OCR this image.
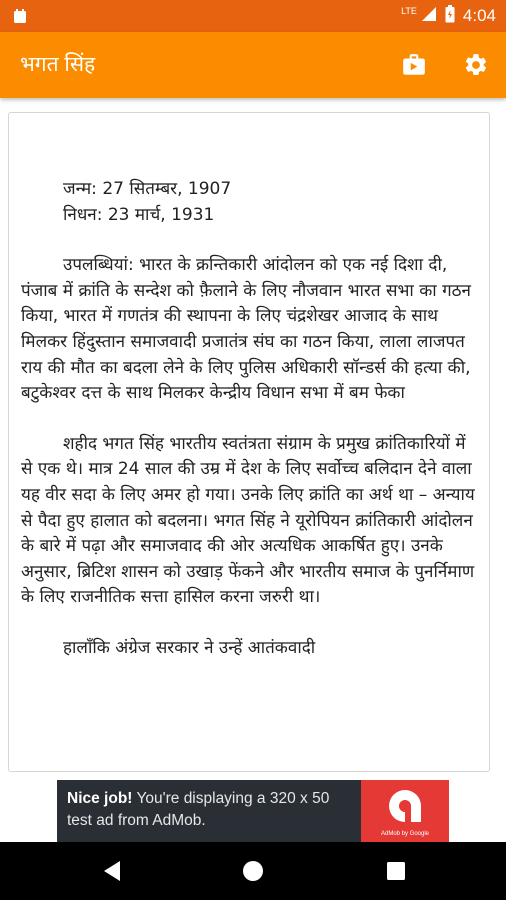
LTE	4:04
भगत सिंह
जन्म: 27 सितम्बर, 1907
निधन: 23 मार्च, 1931

उपलब्धियां: भारत के क्रन्तिकारी आंदोलन को एक नई दिशा दी, पंजाब में क्रांति के सन्देश को फ़ैलाने के लिए नौजवान भारत सभा का गठन किया, भारत में गणतंत्र की स्थापना के लिए चंद्रशेखर आजाद के साथ मिलकर हिंदुस्तान समाजवादी प्रजातंत्र संघ का गठन किया, लाला लाजपत राय की मौत का बदला लेने के लिए पुलिस अधिकारी सॉन्डर्स की हत्या की, बटुकेश्वर दत्त के साथ मिलकर केन्द्रीय विधान सभा में बम फेका

शहीद भगत सिंह भारतीय स्वतंत्रता संग्राम के प्रमुख क्रांतिकारियों में से एक थे। मात्र 24 साल की उम्र में देश के लिए सर्वोच्च बलिदान देने वाला यह वीर सदा के लिए अमर हो गया। उनके लिए क्रांति का अर्थ था – अन्याय से पैदा हुए हालात को बदलना। भगत सिंह ने यूरोपियन क्रांतिकारी आंदोलन के बारे में पढ़ा और समाजवाद की ओर अत्यधिक आकर्षित हुए। उनके अनुसार, ब्रिटिश शासन को उखाड़ फेंकने और भारतीय समाज के पुनर्निमाण के लिए राजनीतिक सत्ता हासिल करना जरुरी था।

हालाँकि अंग्रेज सरकार ने उन्हें आतंकवादी

Nice job! You're displaying a 320 x 50 test ad from AdMob.
AdMob by Google
